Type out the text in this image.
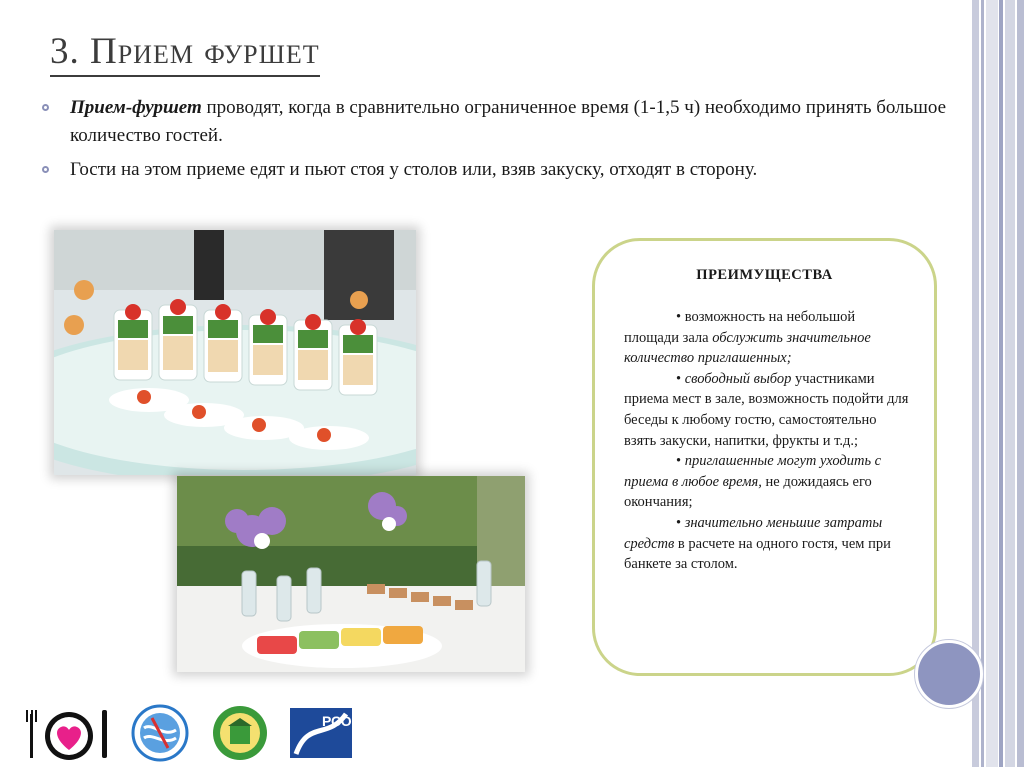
3. Прием фуршет
Прием-фуршет проводят, когда в сравнительно ограниченное время (1-1,5 ч) необходимо принять большое количество гостей.
Гости на этом приеме едят и пьют стоя у столов или, взяв закуску, отходят в сторону.
ПРЕИМУЩЕСТВА
• возможность на небольшой площади зала обслужить значительное количество приглашенных;
• свободный выбор участниками приема мест в зале, возможность подойти для беседы к любому гостю, самостоятельно взять закуски, напитки, фрукты и т.д.;
• приглашенные могут уходить с приема в любое время, не дожидаясь его окончания;
• значительно меньшие затраты средств в расчете на одного гостя, чем при банкете за столом.
РСО
